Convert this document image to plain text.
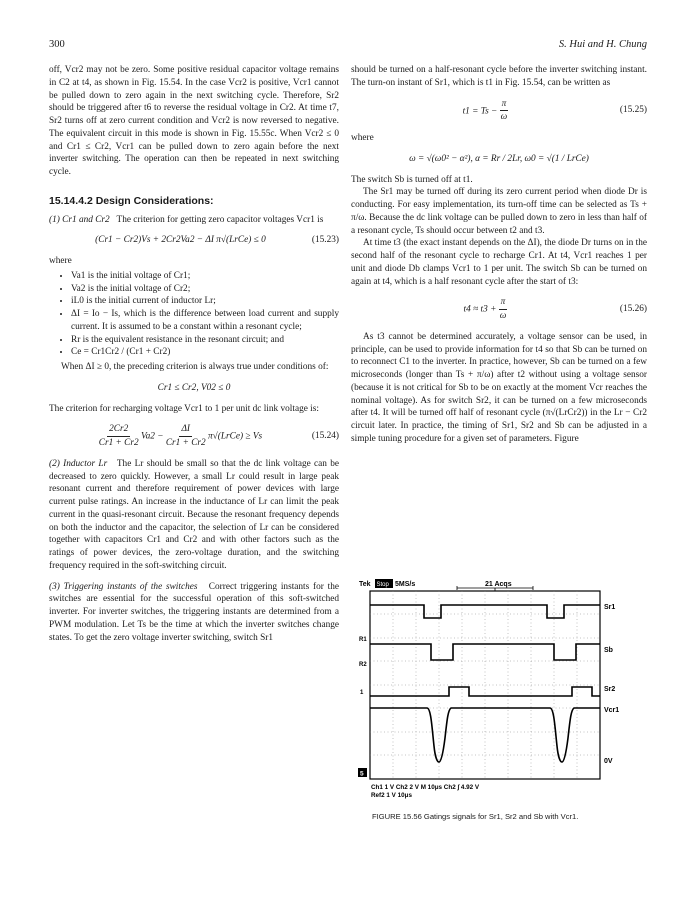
300	S. Hui and H. Chung

off, Vcr2 may not be zero. Some positive residual capacitor voltage remains in C2 at t4, as shown in Fig. 15.54. In the case Vcr2 is positive, Vcr1 cannot be pulled down to zero again in the next switching cycle. Therefore, Sr2 should be triggered after t6 to reverse the residual voltage in Cr2. At time t7, Sr2 turns off at zero current condition and Vcr2 is now reversed to negative. The equivalent circuit in this mode is shown in Fig. 15.55c. When Vcr2 ≤ 0 and Cr1 ≤ Cr2, Vcr1 can be pulled down to zero again before the next inverter switching. The operation can then be repeated in next switching cycle.

15.14.4.2 Design Considerations:

(1) Cr1 and Cr2 The criterion for getting zero capacitor voltages Vcr1 is

(Cr1 − Cr2)Vs + 2Cr2Va2 − ΔI π√(LrCe) ≤ 0	(15.23)

where

• Va1 is the initial voltage of Cr1;
• Va2 is the initial voltage of Cr2;
• iL0 is the initial current of inductor Lr;
• ΔI = Io − Is, which is the difference between load current and supply current. It is assumed to be a constant within a resonant cycle;
• Rr is the equivalent resistance in the resonant circuit; and
• Ce = Cr1Cr2 / (Cr1 + Cr2)

When ΔI ≥ 0, the preceding criterion is always true under conditions of:

Cr1 ≤ Cr2, V02 ≤ 0

The criterion for recharging voltage Vcr1 to 1 per unit dc link voltage is:

$\frac{2Cr2}{Cr1 + Cr2} Va2 - \frac{\Delta I}{Cr1 + Cr2}$ π√(LrCe) ≥ Vs	(15.24)

(2) Inductor Lr The Lr should be small so that the dc link voltage can be decreased to zero quickly. However, a small Lr could result in large peak resonant current and therefore requirement of power devices with large current pulse ratings. An increase in the inductance of Lr can limit the peak current in the quasi-resonant circuit. Because the resonant frequency depends on both the inductor and the capacitor, the selection of Lr can be considered together with capacitors Cr1 and Cr2 and with other factors such as the ratings of power devices, the zero-voltage duration, and the switching frequency required in the soft-switching circuit.

(3) Triggering instants of the switches Correct triggering instants for the switches are essential for the successful operation of this soft-switched inverter. For inverter switches, the triggering instants are determined from a PWM modulation. Let Ts be the time at which the inverter switches change states. To get the zero voltage inverter switching, switch Sr1

should be turned on a half-resonant cycle before the inverter switching instant. The turn-on instant of Sr1, which is t1 in Fig. 15.54, can be written as

$t1 = Ts - \frac{\pi}{\omega}$	(15.25)

where

ω = √(ω0² − α²), α = Rr / 2Lr, ω0 = √(1 / LrCe)

The switch Sb is turned off at t1.

The Sr1 may be turned off during its zero current period when diode Dr is conducting. For easy implementation, its turn-off time can be selected as Ts + π/ω. Because the dc link voltage can be pulled down to zero in less than half of a resonant cycle, Ts should occur between t2 and t3.

At time t3 (the exact instant depends on the ΔI), the diode Dr turns on in the second half of the resonant cycle to recharge Cr1. At t4, Vcr1 reaches 1 per unit and diode Db clamps Vcr1 to 1 per unit. The switch Sb can be turned on again at t4, which is a half resonant cycle after the start of t3:

$t4 \approx t3 + \frac{\pi}{\omega}$	(15.26)

As t3 cannot be determined accurately, a voltage sensor can be used, in principle, can be used to provide information for t4 so that Sb can be turned on to reconnect C1 to the inverter. In practice, however, Sb can be turned on a few microseconds (longer than Ts + π/ω) after t2 without using a voltage sensor (because it is not critical for Sb to be on exactly at the moment Vcr reaches the nominal voltage). As for switch Sr2, it can be turned on a few microseconds after t4. It will be turned off half of resonant cycle (π√(LrCr2)) in the Lr − Cr2 circuit later. In practice, the timing of Sr1, Sr2 and Sb can be adjusted in a simple tuning procedure for a given set of parameters. Figure

Tek Stop 5MS/s	21 Acqs
Sr1
Sb
Sr2
Vcr1
0V
R1
R2
1
5
Ch1 1 V Ch2 2 V M 10μs Ch2 ∫ 4.92 V
Ref2 1 V 10μs
FIGURE 15.56 Gatings signals for Sr1, Sr2 and Sb with Vcr1.
